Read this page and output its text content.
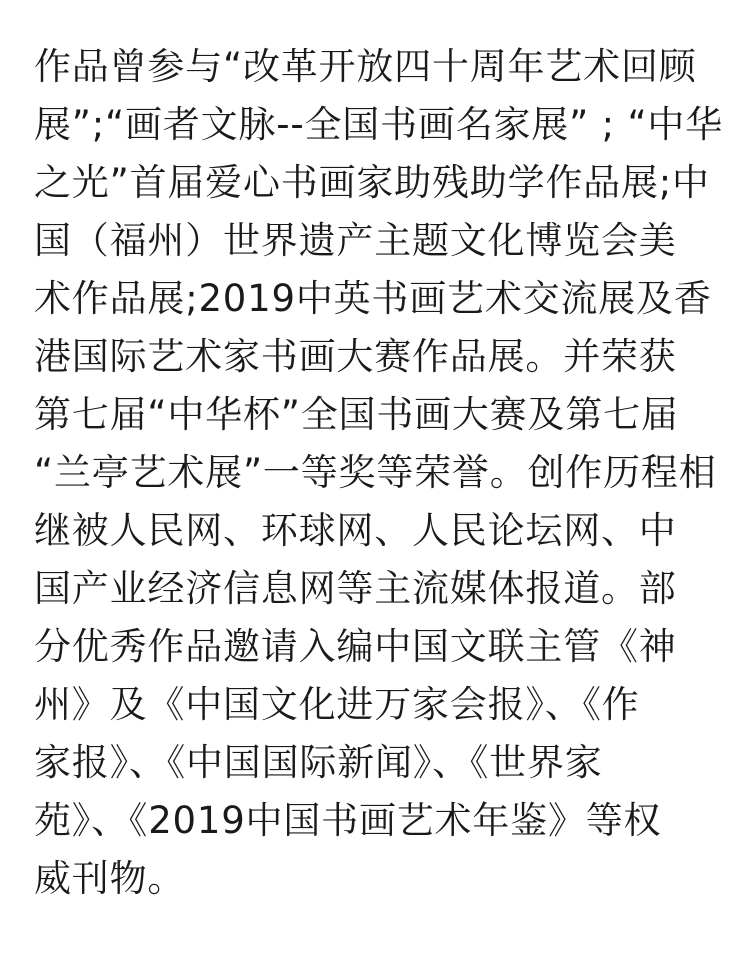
作品曾参与“改革开放四十周年艺术回顾
展”;“画者文脉--全国书画名家展” ; “中华
之光”首届爱心书画家助残助学作品展;中
国（福州）世界遗产主题文化博览会美
术作品展;2019中英书画艺术交流展及香
港国际艺术家书画大赛作品展。并荣获
第七届“中华杯”全国书画大赛及第七届
“兰亭艺术展”一等奖等荣誉。创作历程相
继被人民网、环球网、人民论坛网、中
国产业经济信息网等主流媒体报道。部
分优秀作品邀请入编中国文联主管《神
州》及《中国文化进万家会报》、《作
家报》、《中国国际新闻》、《世界家
苑》、《2019中国书画艺术年鉴》等权
威刊物。
